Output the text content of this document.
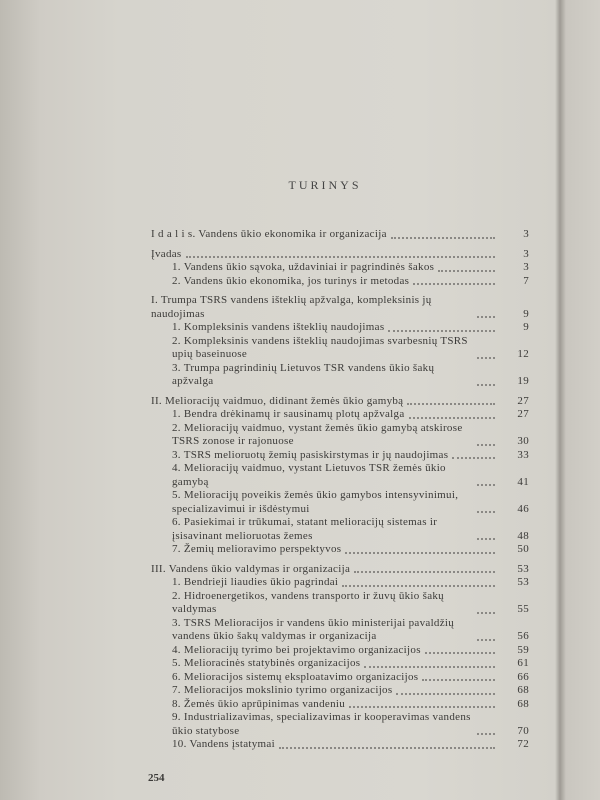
TURINYS
I d a l i s. Vandens ūkio ekonomika ir organizacija	3
Įvadas	3
1. Vandens ūkio sąvoka, uždaviniai ir pagrindinės šakos	3
2. Vandens ūkio ekonomika, jos turinys ir metodas	7
I. Trumpa TSRS vandens išteklių apžvalga, kompleksinis jų naudojimas	9
1. Kompleksinis vandens išteklių naudojimas	9
2. Kompleksinis vandens išteklių naudojimas svarbesnių TSRS upių baseinuose	12
3. Trumpa pagrindinių Lietuvos TSR vandens ūkio šakų apžvalga	19
II. Melioracijų vaidmuo, didinant žemės ūkio gamybą	27
1. Bendra drėkinamų ir sausinamų plotų apžvalga	27
2. Melioracijų vaidmuo, vystant žemės ūkio gamybą atskirose TSRS zonose ir rajonuose	30
3. TSRS melioruotų žemių pasiskirstymas ir jų naudojimas	33
4. Melioracijų vaidmuo, vystant Lietuvos TSR žemės ūkio gamybą	41
5. Melioracijų poveikis žemės ūkio gamybos intensyvinimui, specializavimui ir išdėstymui	46
6. Pasiekimai ir trūkumai, statant melioracijų sistemas ir įsisavinant melioruotas žemes	48
7. Žemių melioravimo perspektyvos	50
III. Vandens ūkio valdymas ir organizacija	53
1. Bendrieji liaudies ūkio pagrindai	53
2. Hidroenergetikos, vandens transporto ir žuvų ūkio šakų valdymas	55
3. TSRS Melioracijos ir vandens ūkio ministerijai pavaldžių vandens ūkio šakų valdymas ir organizacija	56
4. Melioracijų tyrimo bei projektavimo organizacijos	59
5. Melioracinės statybinės organizacijos	61
6. Melioracijos sistemų eksploatavimo organizacijos	66
7. Melioracijos mokslinio tyrimo organizacijos	68
8. Žemės ūkio aprūpinimas vandeniu	68
9. Industrializavimas, specializavimas ir kooperavimas vandens ūkio statybose	70
10. Vandens įstatymai	72
254
